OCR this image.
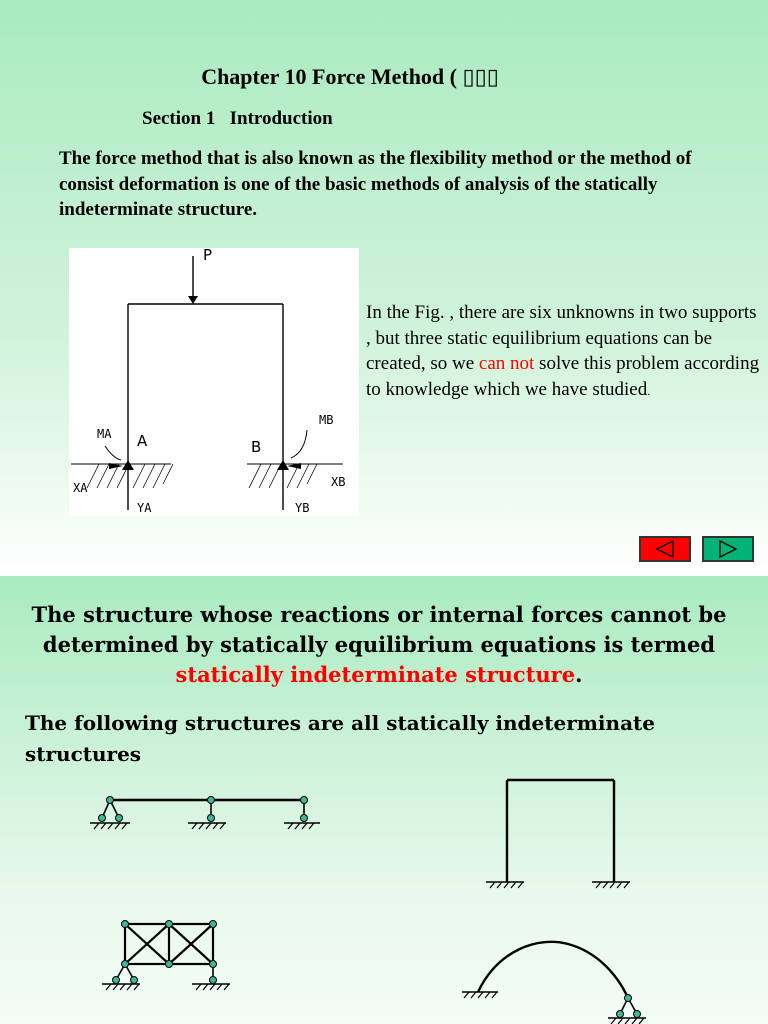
Chapter 10 Force Method ( ▯▯▯
Section 1   Introduction
The force method that is also known as the flexibility method or the method of consist deformation is one of the basic methods of analysis of the statically indeterminate structure.
P
A	B
MA
MB
XA	XB
YA	YB
In the Fig. , there are six unknowns in two supports , but three static equilibrium equations can be created, so we can not solve this problem according to knowledge which we have studied.
The structure whose reactions or internal forces cannot be determined by statically equilibrium equations is termed statically indeterminate structure.
The following structures are all statically indeterminate structures
